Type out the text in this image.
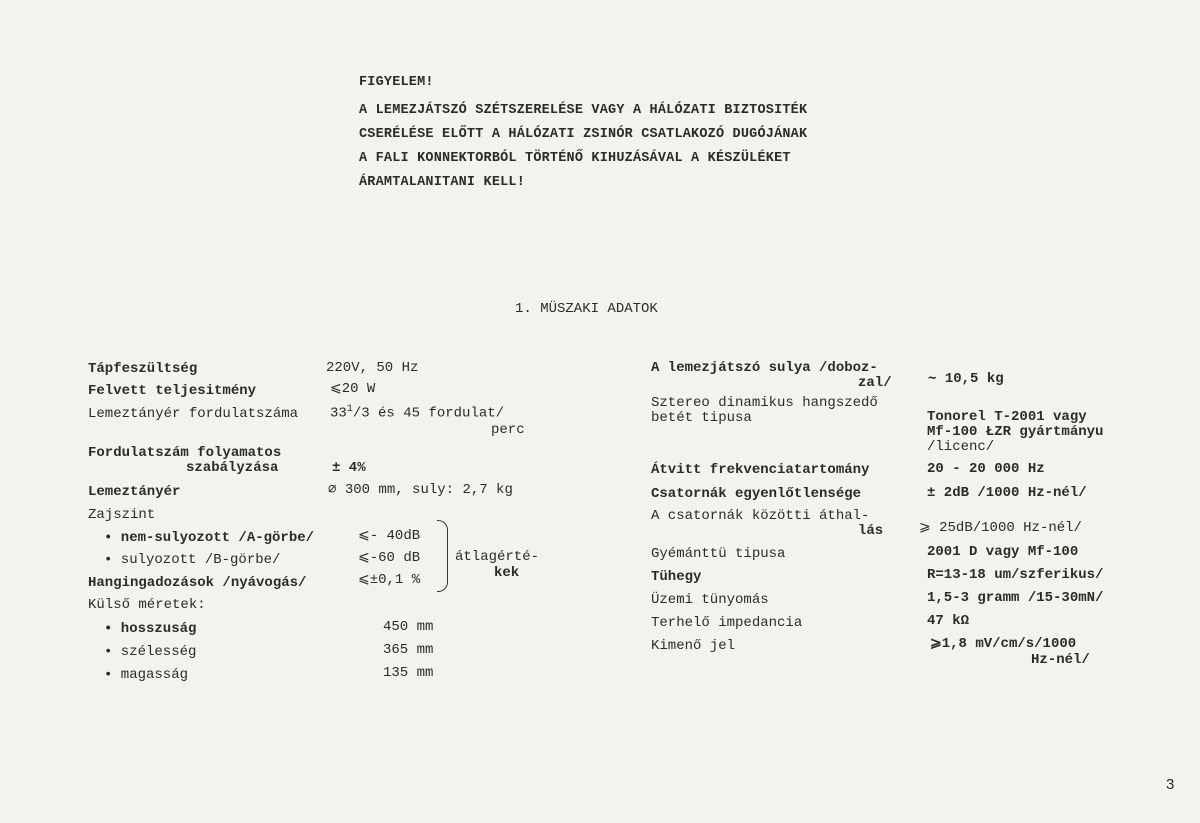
FIGYELEM!
A LEMEZJÁTSZÓ SZÉTSZERELÉSE VAGY A HÁLÓZATI BIZTOSITÉK
CSERÉLÉSE ELŐTT A HÁLÓZATI ZSINÓR CSATLAKOZÓ DUGÓJÁNAK
A FALI KONNEKTORBÓL TÖRTÉNŐ KIHUZÁSÁVAL A KÉSZÜLÉKET
ÁRAMTALANITANI KELL!
1. MÜSZAKI ADATOK
Tápfeszültség	220V, 50 Hz
Felvett teljesitmény	⩽20 W
Lemeztányér fordulatszáma $33^1/3$ és 45 fordulat/
perc
Fordulatszám folyamatos
szabályzása	± 4%
Lemeztányér	⌀ 300 mm, suly: 2,7 kg
Zajszint
• nem-sulyozott /A-görbe/	⩽- 40dB
• sulyozott /B-görbe/	⩽-60 dB
Hangingadozások /nyávogás/	⩽±0,1 %
átlagérté-
kek
Külső méretek:
• hosszuság	450 mm
• szélesség	365 mm
• magasság	135 mm
A lemezjátszó sulya /doboz-
zal/	∼ 10,5 kg
Sztereo dinamikus hangszedő
betét tipusa	Tonorel T-2001 vagy
Mf-100 ŁZR gyártmányu
/licenc/
Átvitt frekvenciatartomány	20 - 20 000 Hz
Csatornák egyenlőtlensége	± 2dB /1000 Hz-nél/
A csatornák közötti áthal-
lás	⩾ 25dB/1000 Hz-nél/
Gyémánttü tipusa	2001 D vagy Mf-100
Tühegy	R=13-18 um/szferikus/
Üzemi tünyomás	1,5-3 gramm /15-30mN/
Terhelő impedancia	47 kΩ
Kimenő jel	⩾1,8 mV/cm/s/1000
Hz-nél/
3
